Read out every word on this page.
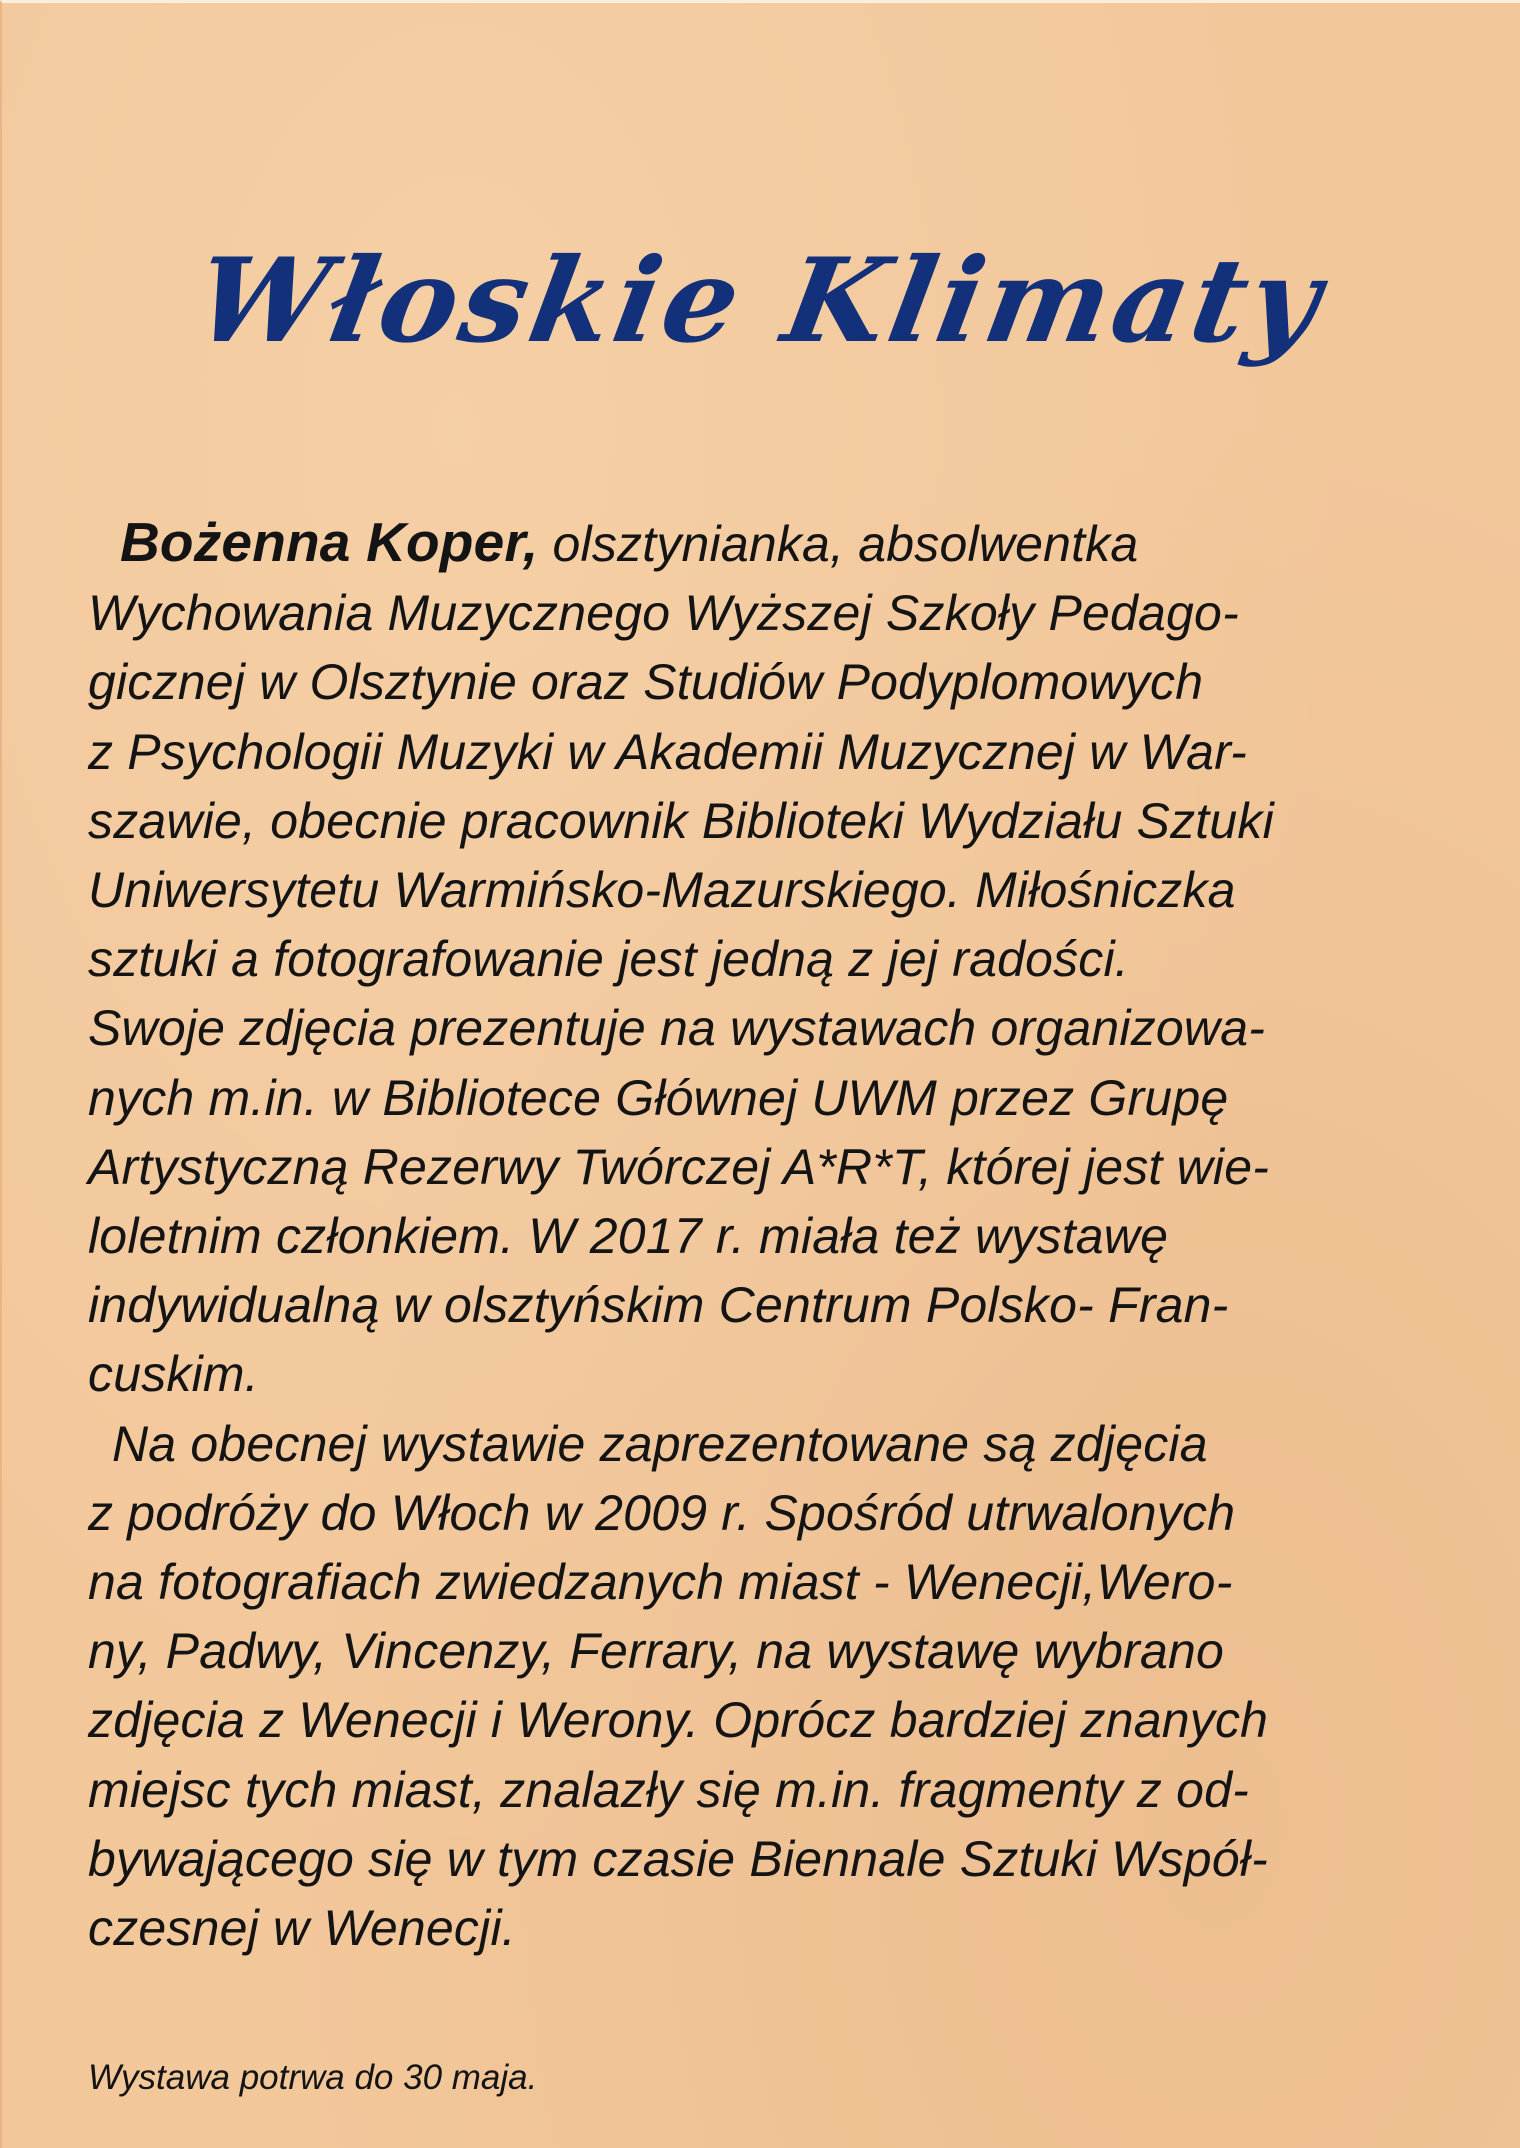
Włoskie Klimaty

Bożenna Koper, olsztynianka, absolwentka

Wychowania Muzycznego Wyższej Szkoły Pedago-

gicznej w Olsztynie oraz Studiów Podyplomowych

z Psychologii Muzyki w Akademii Muzycznej w War-

szawie, obecnie pracownik Biblioteki Wydziału Sztuki

Uniwersytetu Warmińsko-Mazurskiego. Miłośniczka

sztuki a fotografowanie jest jedną z jej radości.

Swoje zdjęcia prezentuje na wystawach organizowa-

nych m.in. w Bibliotece Głównej UWM przez Grupę

Artystyczną Rezerwy Twórczej A*R*T, której jest wie-

loletnim członkiem. W 2017 r. miała też wystawę

indywidualną w olsztyńskim Centrum Polsko- Fran-

cuskim.

Na obecnej wystawie zaprezentowane są zdjęcia

z podróży do Włoch w 2009 r. Spośród utrwalonych

na fotografiach zwiedzanych miast - Wenecji,Wero-

ny, Padwy, Vincenzy, Ferrary, na wystawę wybrano

zdjęcia z Wenecji i Werony. Oprócz bardziej znanych

miejsc tych miast, znalazły się m.in. fragmenty z od-

bywającego się w tym czasie Biennale Sztuki Współ-

czesnej w Wenecji.

Wystawa potrwa do 30 maja.
